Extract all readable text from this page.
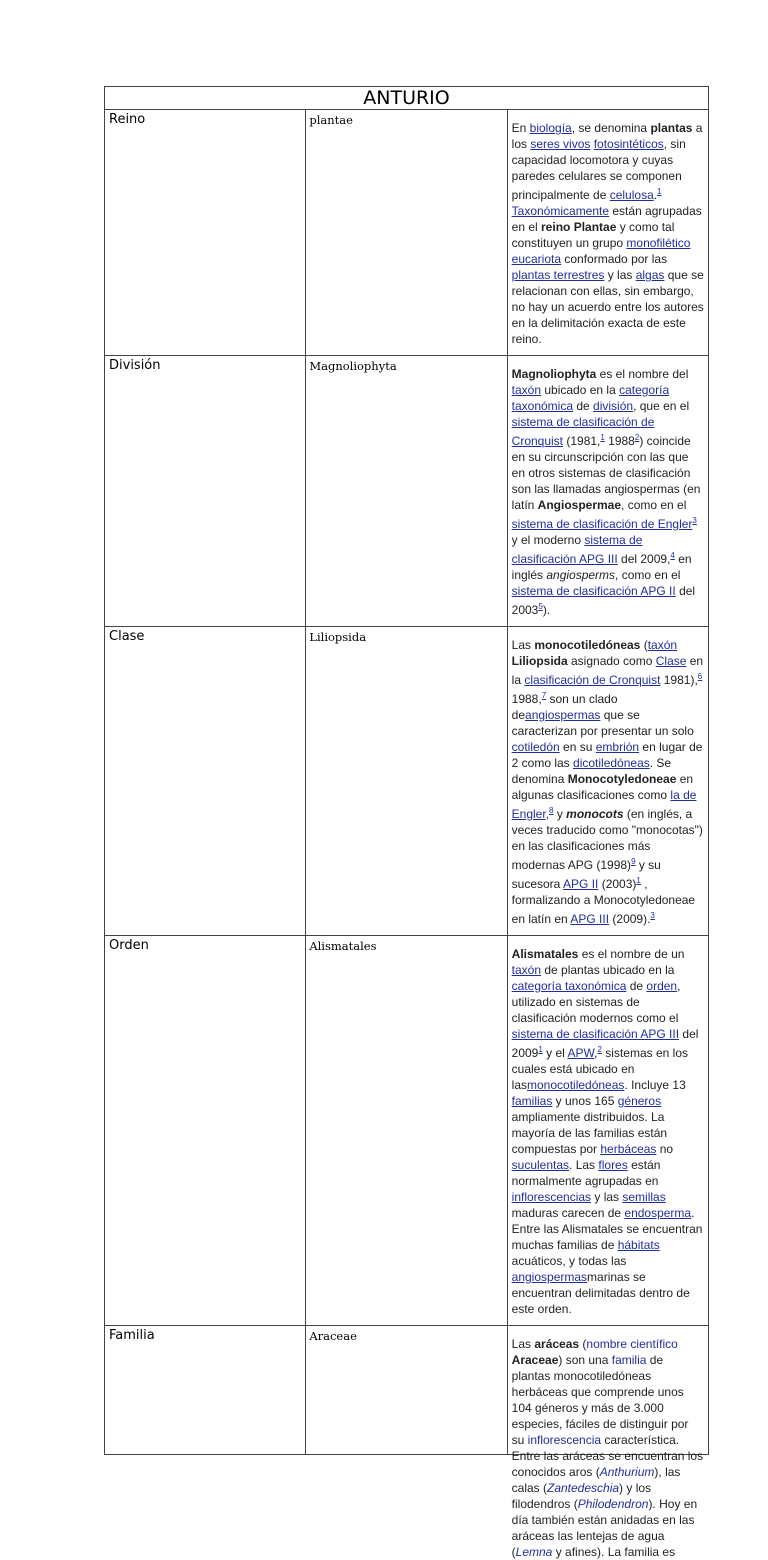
ANTURIO		

Reino	plantae	En biología, se denomina plantas a los seres vivos fotosintéticos, sin capacidad locomotora y cuyas paredes celulares se componen principalmente de celulosa.$^1$ Taxonómicamente están agrupadas en el reino Plantae y como tal constituyen un grupo monofilético eucariota conformado por las plantas terrestres y las algas que se relacionan con ellas, sin embargo, no hay un acuerdo entre los autores en la delimitación exacta de este reino.

División	Magnoliophyta	Magnoliophyta es el nombre del taxón ubicado en la categoría taxonómica de división, que en el sistema de clasificación de Cronquist (1981,$^1$ 1988$^2$) coincide en su circunscripción con las que en otros sistemas de clasificación son las llamadas angiospermas (en latín Angiospermae, como en el sistema de clasificación de Engler$^3$ y el moderno sistema de clasificación APG III del 2009,$^4$ en inglés angiosperms, como en el sistema de clasificación APG II del 2003$^5$).

Clase	Liliopsida	Las monocotiledóneas (taxón Liliopsida asignado como Clase en la clasificación de Cronquist 1981),$^6$ 1988,$^7$ son un clado deangiospermas que se caracterizan por presentar un solo cotiledón en su embrión en lugar de 2 como las dicotiledóneas. Se denomina Monocotyledoneae en algunas clasificaciones como la de Engler,$^8$ y monocots (en inglés, a veces traducido como "monocotas") en las clasificaciones más modernas APG $(1998)^9$ y su sucesora APG II $(2003)^1$ , formalizando a Monocotyledoneae en latín en APG III (2009).$^3$

Orden	Alismatales	Alismatales es el nombre de un taxón de plantas ubicado en la categoría taxonómica de orden, utilizado en sistemas de clasificación modernos como el sistema de clasificación APG III del 2009$^1$ y el APW,$^2$ sistemas en los cuales está ubicado en lasmonocotiledóneas. Incluye 13 familias y unos 165 géneros ampliamente distribuidos. La mayoría de las familias están compuestas por herbáceas no suculentas. Las flores están normalmente agrupadas en inflorescencias y las semillas maduras carecen de endosperma. Entre las Alismatales se encuentran muchas familias de hábitats acuáticos, y todas las angiospermasmarinas se encuentran delimitadas dentro de este orden.

Familia	Araceae	Las aráceas (nombre científico Araceae) son una familia de plantas monocotiledóneas herbáceas que comprende unos 104 géneros y más de 3.000 especies, fáciles de distinguir por su inflorescencia característica. Entre las aráceas se encuentran los conocidos aros (Anthurium), las calas (Zantedeschia) y los filodendros (Philodendron). Hoy en día también están anidadas en las aráceas las lentejas de agua (Lemna y afines). La familia es
